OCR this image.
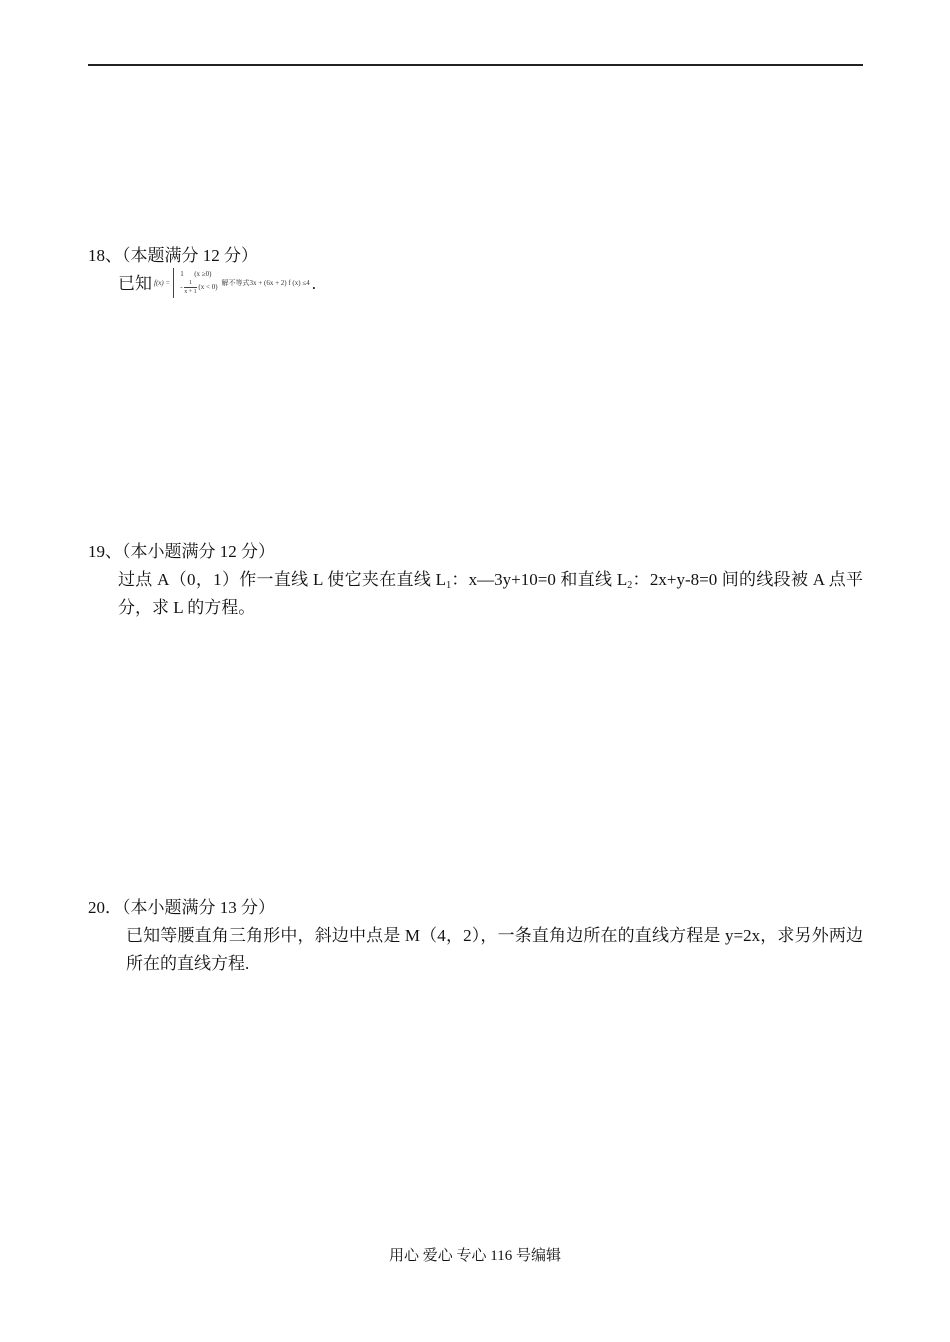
18、（本题满分 12 分）
已知 f(x) =
1 (x ≥0)
- $\frac{1}{x + 1} (x < 0)$
解不等式3x + (6x + 2) f (x) ≤4 .
19、（本小题满分 12 分）
过点 A（0，1）作一直线 L 使它夹在直线 $L_1$：x—3y+10=0 和直线 $L_2$：2x+y-8=0 间的线段被 A 点平分，求 L 的方程。
20．（本小题满分 13 分）
已知等腰直角三角形中，斜边中点是 M（4，2），一条直角边所在的直线方程是 y=2x，求另外两边所在的直线方程.
用心 爱心 专心 116 号编辑
